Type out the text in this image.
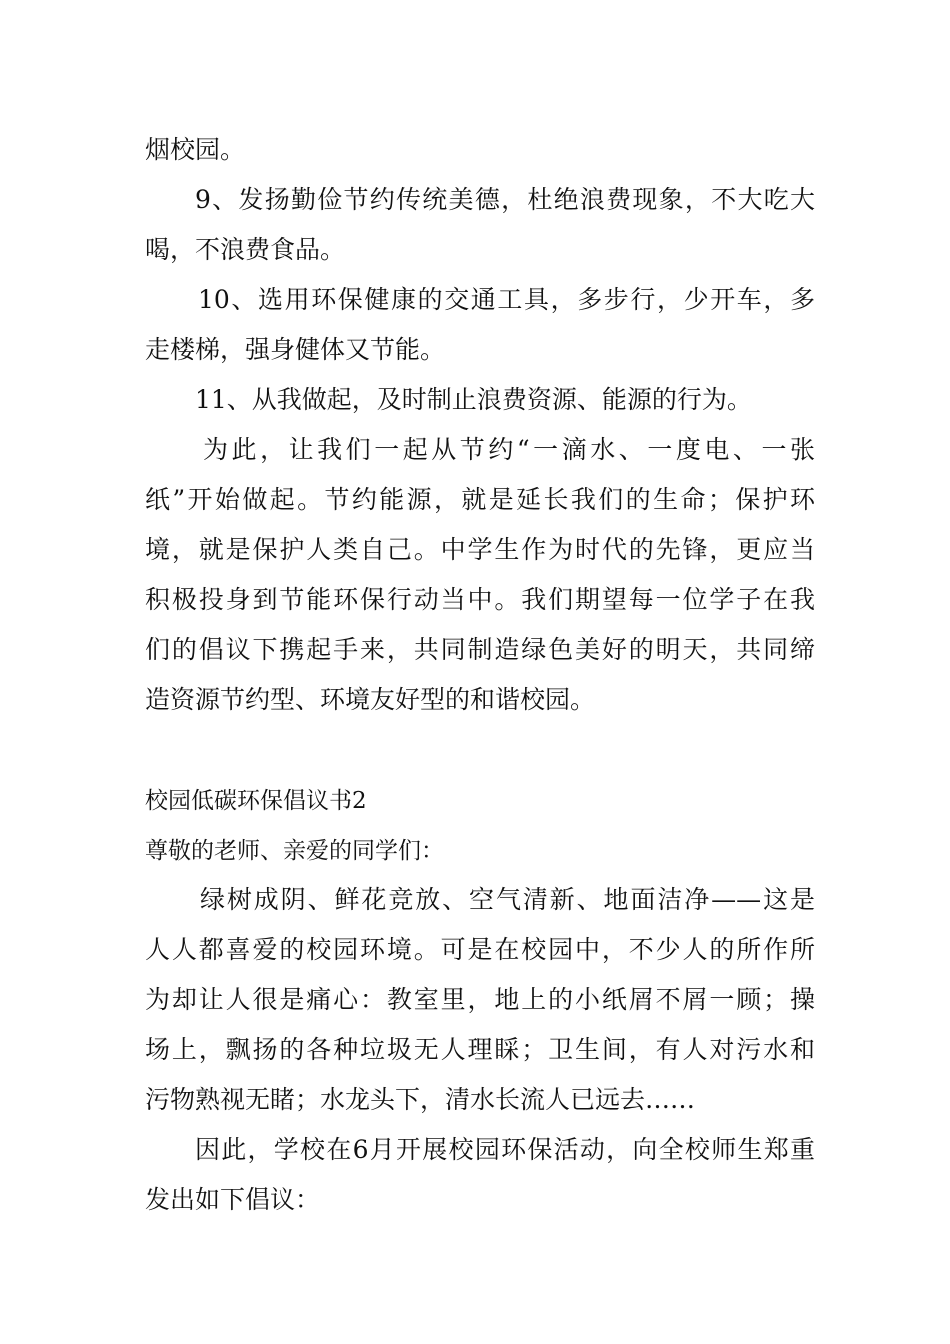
烟校园。
9、发扬勤俭节约传统美德，杜绝浪费现象，不大吃大
喝，不浪费食品。
10、选用环保健康的交通工具，多步行，少开车，多
走楼梯，强身健体又节能。
11、从我做起，及时制止浪费资源、能源的行为。
为此，让我们一起从节约“一滴水、一度电、一张
纸”开始做起。节约能源，就是延长我们的生命；保护环
境，就是保护人类自己。中学生作为时代的先锋，更应当
积极投身到节能环保行动当中。我们期望每一位学子在我
们的倡议下携起手来，共同制造绿色美好的明天，共同缔
造资源节约型、环境友好型的和谐校园。
校园低碳环保倡议书2
尊敬的老师、亲爱的同学们：
绿树成阴、鲜花竞放、空气清新、地面洁净——这是
人人都喜爱的校园环境。可是在校园中，不少人的所作所
为却让人很是痛心：教室里，地上的小纸屑不屑一顾；操
场上，飘扬的各种垃圾无人理睬；卫生间，有人对污水和
污物熟视无睹；水龙头下，清水长流人已远去……
因此，学校在6月开展校园环保活动，向全校师生郑重
发出如下倡议：
